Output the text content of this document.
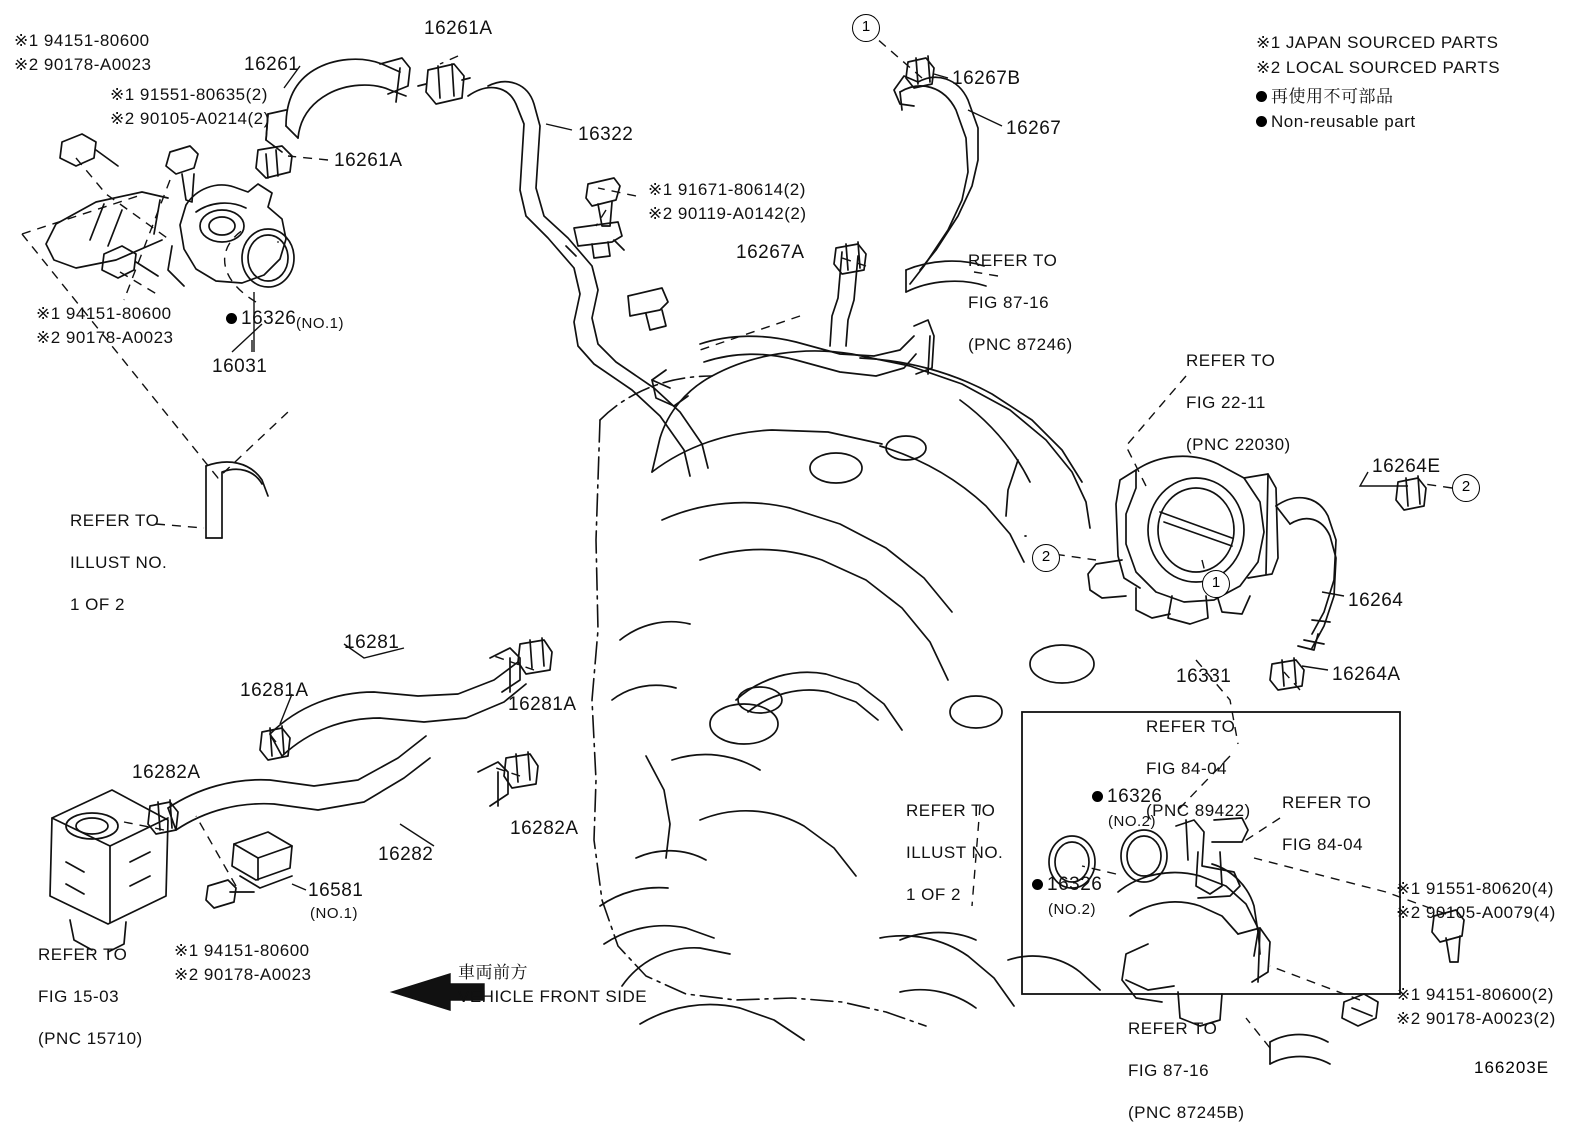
※1 JAPAN SOURCED PARTS
※2 LOCAL SOURCED PARTS
再使用不可部品
Non-reusable part
※1 94151-80600
※2 90178-A0023
※1 91551-80635(2)
※2 90105-A0214(2)
16261
16261A
16261A
16322
16267B
16267
※1 91671-80614(2)
※2 90119-A0142(2)
16267A
※1 94151-80600
※2 90178-A0023
16326 (NO.1)
16031
16264E
16264
16264A
16331
16281
16281A
16281A
16282A
16282A
16282
16581
(NO.1)
※1 94151-80600
※2 90178-A0023
16326
(NO.2)
16326
(NO.2)
※1 91551-80620(4)
※2 90105-A0079(4)
※1 94151-80600(2)
※2 90178-A0023(2)
REFER TO

FIG 87-16

(PNC 87246)
REFER TO

FIG 22-11

(PNC 22030)
REFER TO

ILLUST NO.

1 OF 2
REFER TO

ILLUST NO.

1 OF 2
REFER TO

FIG 84-04

(PNC 89422) REFER TO

FIG 84-04
REFER TO

FIG 15-03

(PNC 15710)
REFER TO

FIG 87-16

(PNC 87245B)
1
2
2
1
車両前方
VEHICLE FRONT SIDE
166203E
